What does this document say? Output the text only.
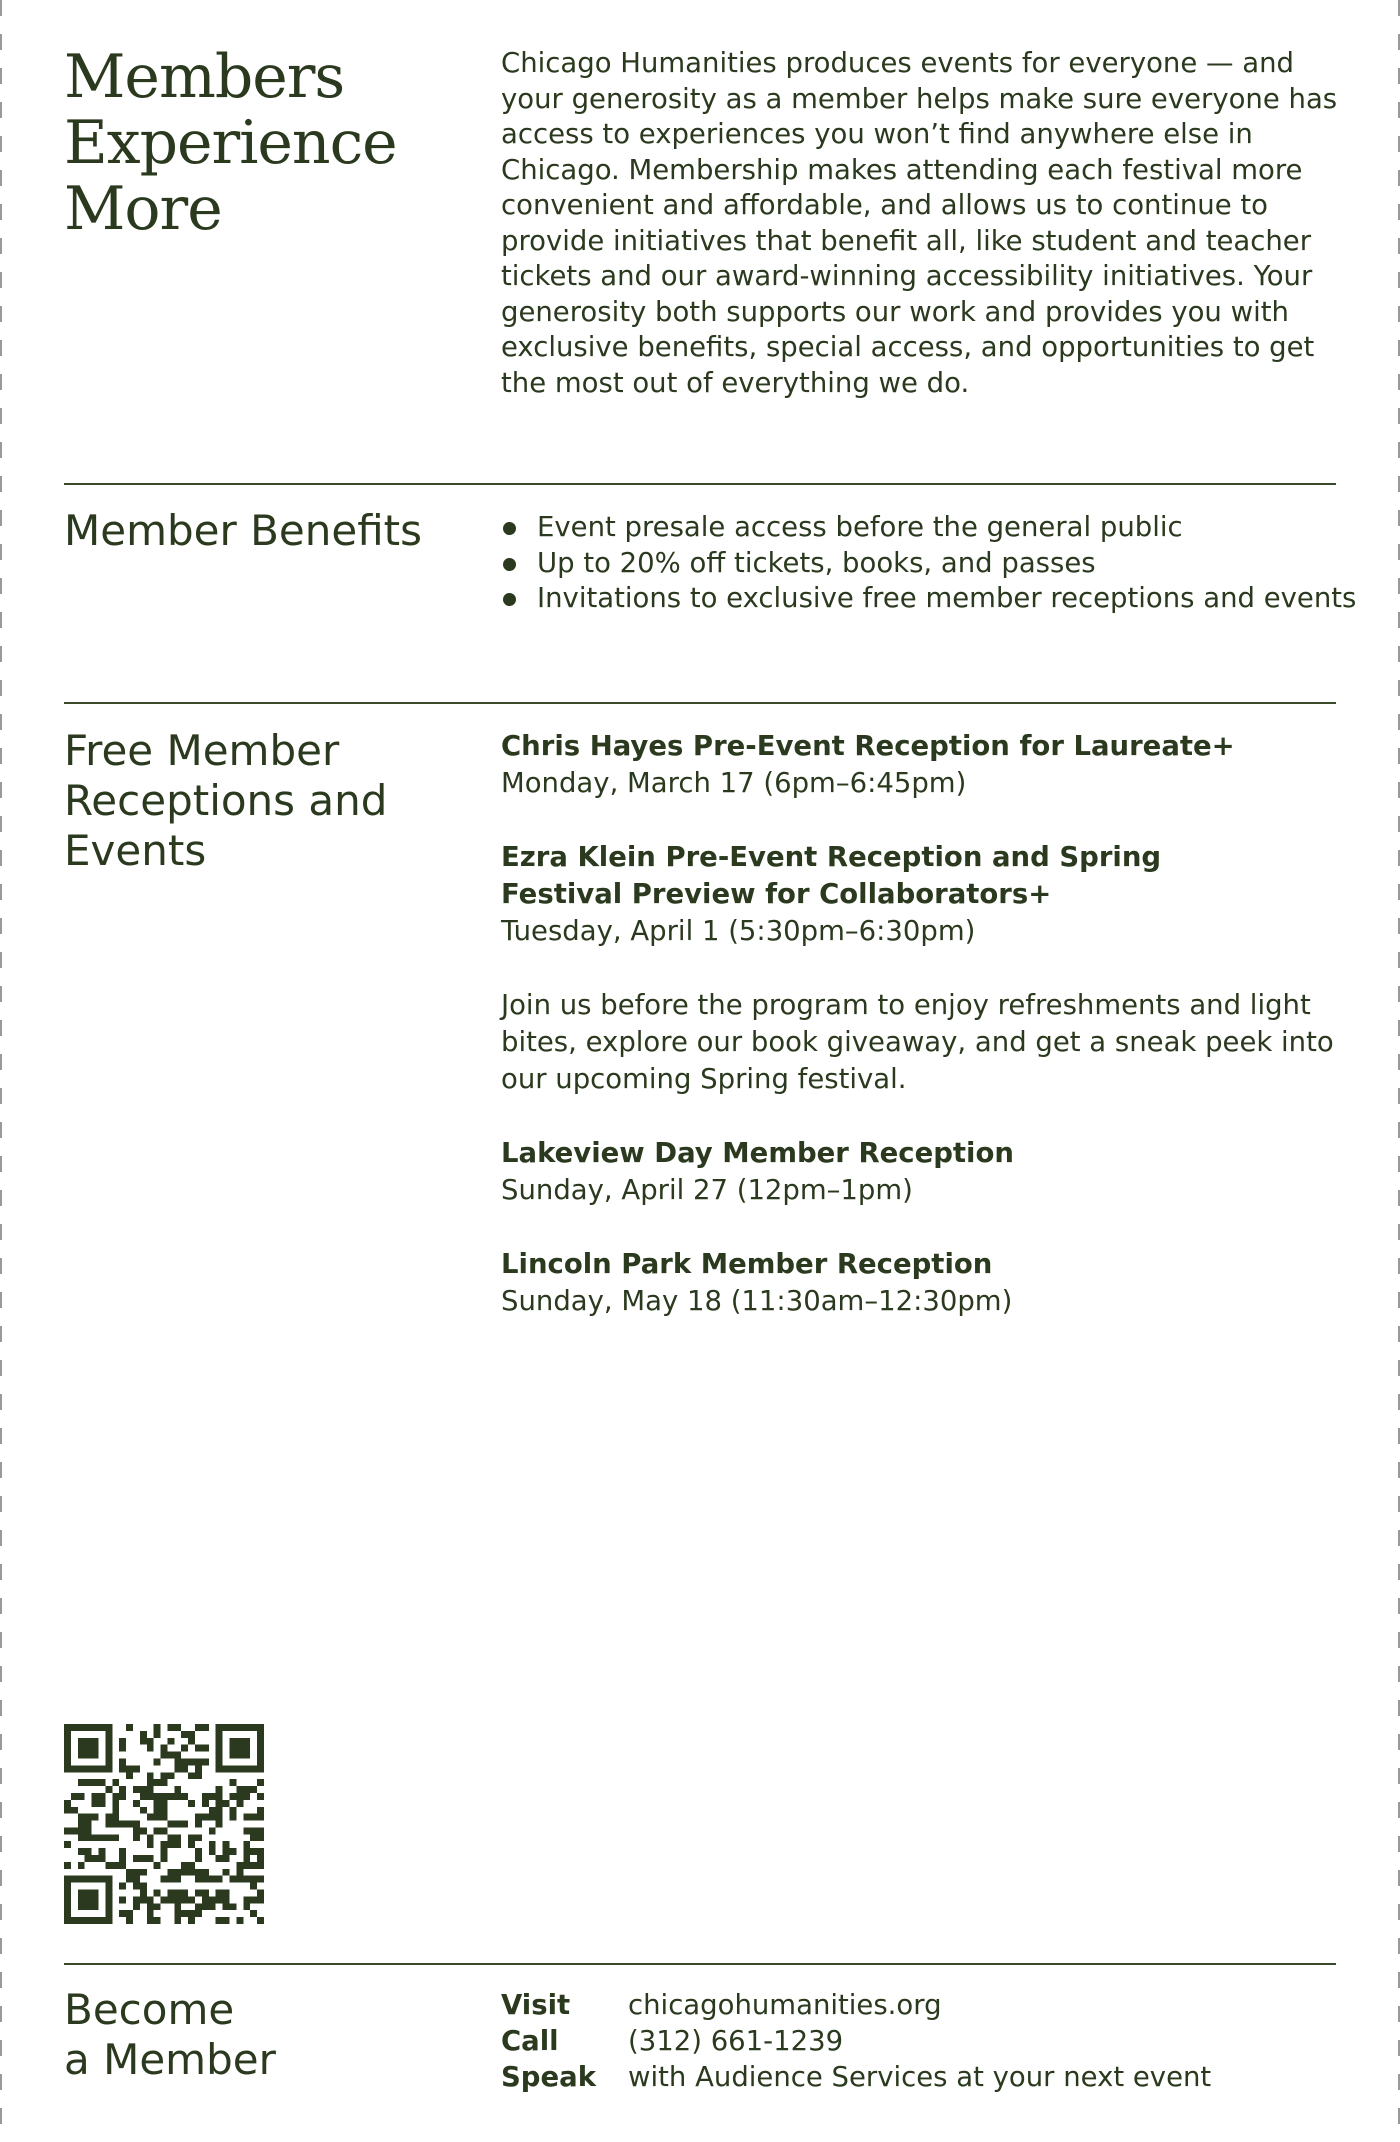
Members
Experience
More

Chicago Humanities produces events for everyone — and your generosity as a member helps make sure everyone has access to experiences you won’t find anywhere else in Chicago. Membership makes attending each festival more convenient and affordable, and allows us to continue to provide initiatives that benefit all, like student and teacher tickets and our award-winning accessibility initiatives. Your generosity both supports our work and provides you with exclusive benefits, special access, and opportunities to get the most out of everything we do.

Member Benefits	Event presale access before the general public
Up to 20% off tickets, books, and passes
Invitations to exclusive free member receptions and events
Free Member
Receptions and
Events
Chris Hayes Pre-Event Reception for Laureate+
Monday, March 17 (6pm–6:45pm)
Ezra Klein Pre-Event Reception and Spring Festival Preview for Collaborators+
Tuesday, April 1 (5:30pm–6:30pm)
Join us before the program to enjoy refreshments and light bites, explore our book giveaway, and get a sneak peek into our upcoming Spring festival.
Lakeview Day Member Reception
Sunday, April 27 (12pm–1pm)
Lincoln Park Member Reception
Sunday, May 18 (11:30am–12:30pm)
Become
a Member
Visit	chicagohumanities.org
Call	(312) 661-1239
Speak	with Audience Services at your next event
